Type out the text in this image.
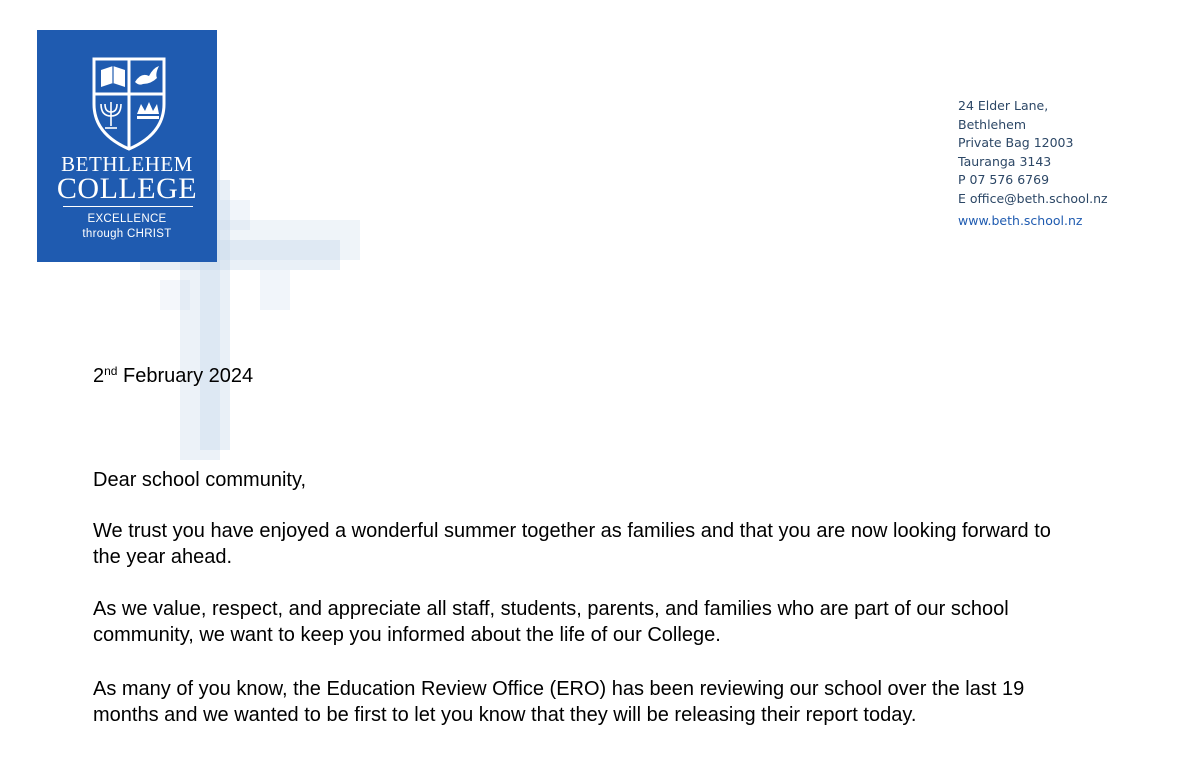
BETHLEHEM
COLLEGE
EXCELLENCE
through CHRIST
24 Elder Lane,
Bethlehem
Private Bag 12003
Tauranga 3143
P 07 576 6769
E office@beth.school.nz
www.beth.school.nz
2nd February 2024
Dear school community,
We trust you have enjoyed a wonderful summer together as families and that you are now looking forward to the year ahead.
As we value, respect, and appreciate all staff, students, parents, and families who are part of our school community, we want to keep you informed about the life of our College.
As many of you know, the Education Review Office (ERO) has been reviewing our school over the last 19 months and we wanted to be first to let you know that they will be releasing their report today.
